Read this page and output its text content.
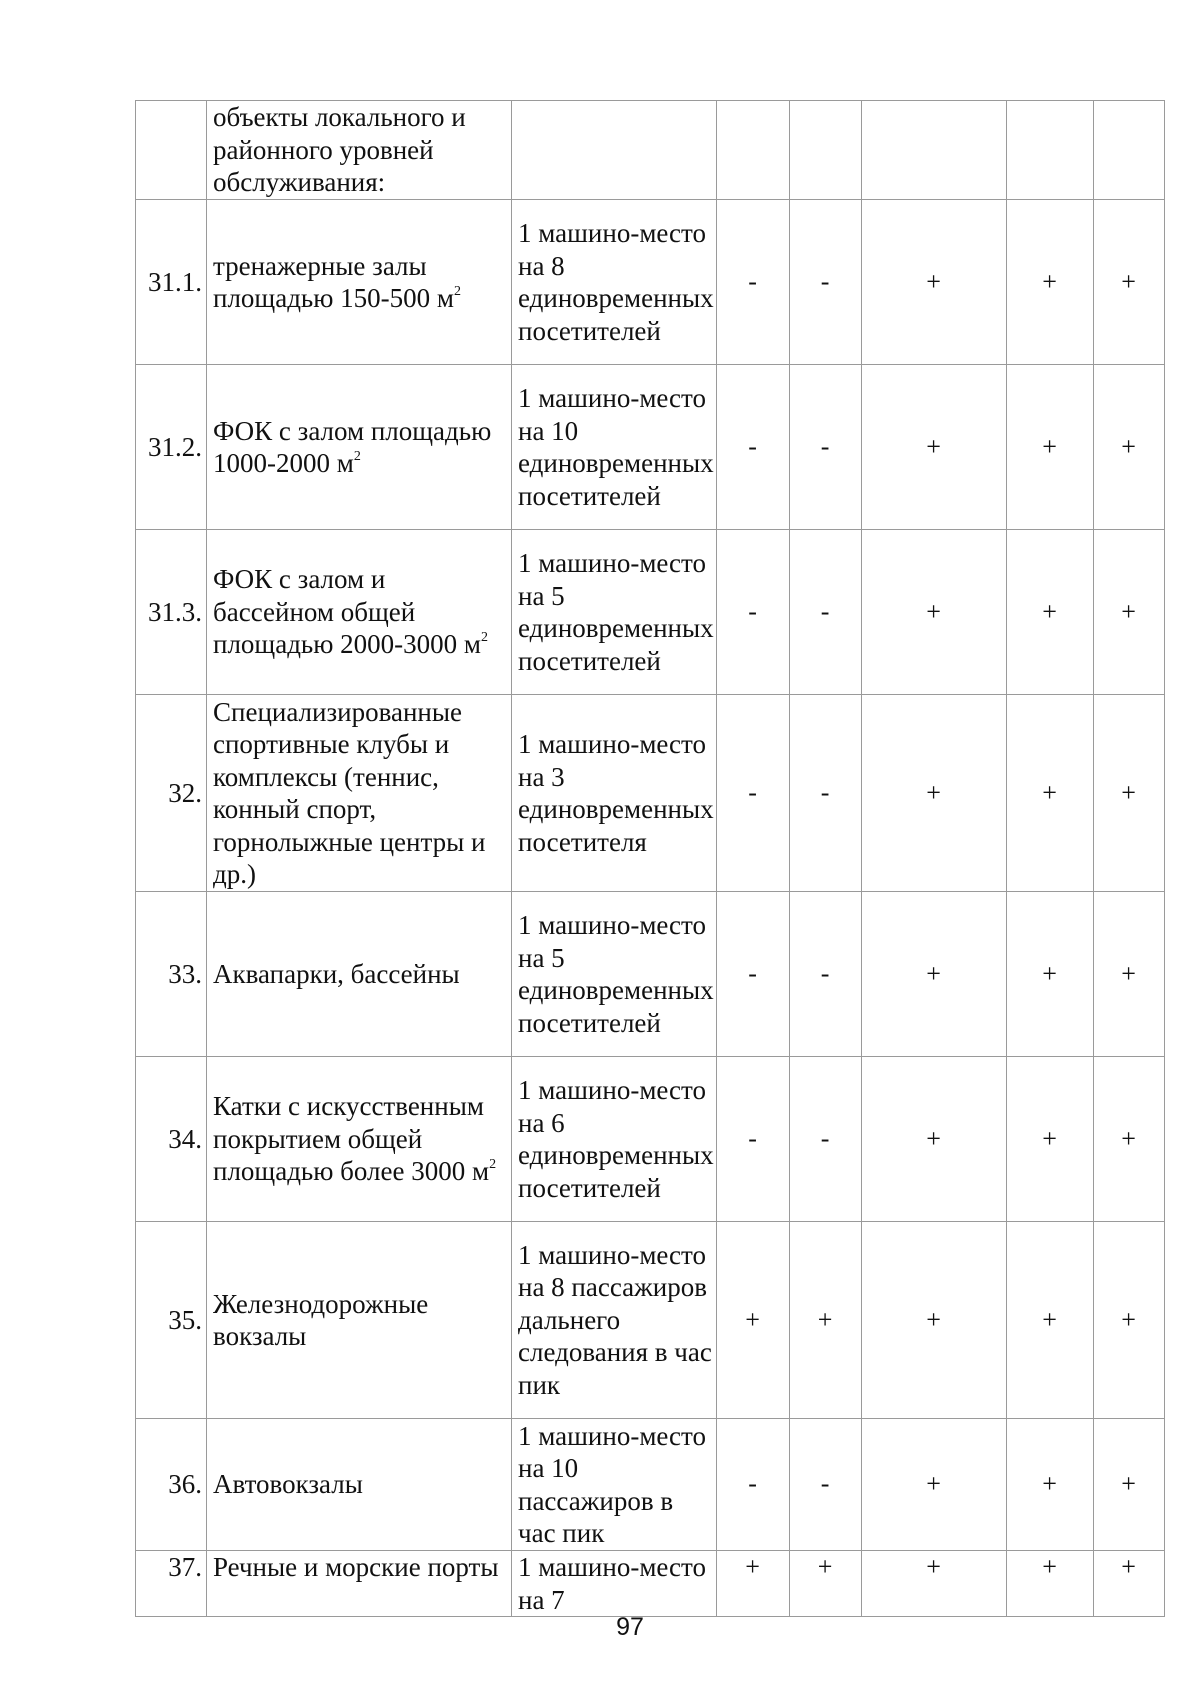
	объекты локального и районного уровней обслуживания:						
31.1.	тренажерные залы площадью 150-500 $м^2$	1 машино-место на 8 единовременных посетителей	-	-	+	+	+
31.2.	ФОК с залом площадью 1000-2000 $м^2$	1 машино-место на 10 единовременных посетителей	-	-	+	+	+
31.3.	ФОК с залом и бассейном общей площадью 2000-3000 $м^2$	1 машино-место на 5 единовременных посетителей	-	-	+	+	+
32.	Специализированные спортивные клубы и комплексы (теннис, конный спорт, горнолыжные центры и др.)	1 машино-место на 3 единовременных посетителя	-	-	+	+	+
33.	Аквапарки, бассейны	1 машино-место на 5 единовременных посетителей	-	-	+	+	+
34.	Катки с искусственным покрытием общей площадью более 3000 $м^2$	1 машино-место на 6 единовременных посетителей	-	-	+	+	+
35.	Железнодорожные вокзалы	1 машино-место на 8 пассажиров дальнего следования в час пик	+	+	+	+	+
36.	Автовокзалы	1 машино-место на 10 пассажиров в час пик	-	-	+	+	+
37.	Речные и морские порты	1 машино-место на 7	+	+	+	+	+
97
